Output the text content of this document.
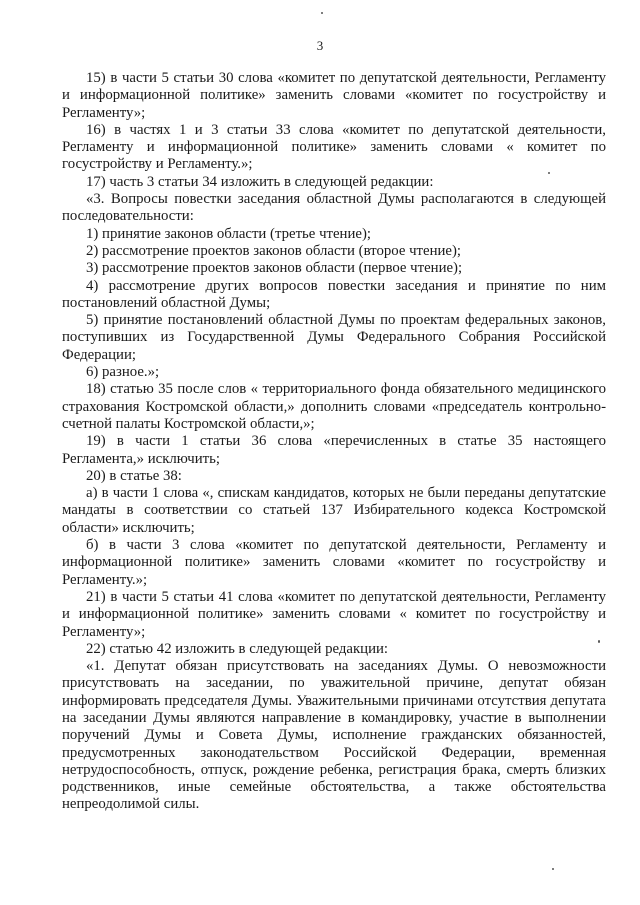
3

15) в части 5 статьи 30 слова «комитет по депутатской деятельности, Регламенту и информационной политике» заменить словами «комитет по госустройству и Регламенту»;

16) в частях 1 и 3 статьи 33 слова «комитет по депутатской деятельности, Регламенту и информационной политике» заменить словами « комитет по госустройству и Регламенту.»;

17) часть 3 статьи 34 изложить в следующей редакции:

«3. Вопросы повестки заседания областной Думы располагаются в следующей последовательности:

1) принятие законов области (третье чтение);

2) рассмотрение проектов законов области (второе чтение);

3) рассмотрение проектов законов области (первое чтение);

4) рассмотрение других вопросов повестки заседания и принятие по ним постановлений областной Думы;

5) принятие постановлений областной Думы по проектам федеральных законов, поступивших из Государственной Думы Федерального Собрания Российской Федерации;

6) разное.»;

18) статью 35 после слов « территориального фонда обязательного медицинского страхования Костромской области,» дополнить словами «председатель контрольно-счетной палаты Костромской области,»;

19) в части 1 статьи 36 слова «перечисленных в статье 35 настоящего Регламента,» исключить;

20) в статье 38:

а) в части 1 слова «, спискам кандидатов, которых не были переданы депутатские мандаты в соответствии со статьей 137 Избирательного кодекса Костромской области» исключить;

б) в части 3 слова «комитет по депутатской деятельности, Регламенту и информационной политике» заменить словами «комитет по госустройству и Регламенту.»;

21) в части 5 статьи 41 слова «комитет по депутатской деятельности, Регламенту и информационной политике» заменить словами « комитет по госустройству и Регламенту»;

22) статью 42 изложить в следующей редакции:

«1. Депутат обязан присутствовать на заседаниях Думы. О невозможности присутствовать на заседании, по уважительной причине, депутат обязан информировать председателя Думы. Уважительными причинами отсутствия депутата на заседании Думы являются направление в командировку, участие в выполнении поручений Думы и Совета Думы, исполнение гражданских обязанностей, предусмотренных законодательством Российской Федерации, временная нетрудоспособность, отпуск, рождение ребенка, регистрация брака, смерть близких родственников, иные семейные обстоятельства, а также обстоятельства непреодолимой силы.
